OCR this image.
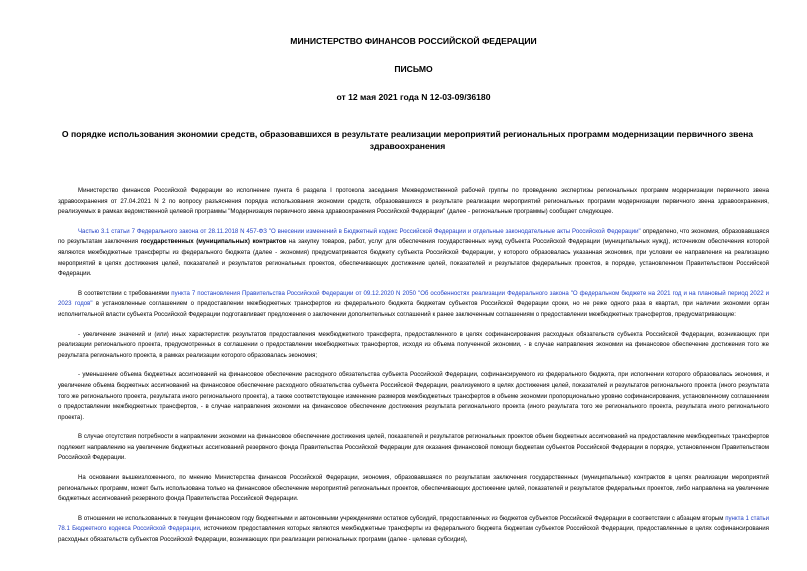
МИНИСТЕРСТВО ФИНАНСОВ РОССИЙСКОЙ ФЕДЕРАЦИИ
ПИСЬМО
от 12 мая 2021 года N 12-03-09/36180
О порядке использования экономии средств, образовавшихся в результате реализации мероприятий региональных программ модернизации первичного звена здравоохранения

Министерство финансов Российской Федерации во исполнение пункта 6 раздела I протокола заседания Межведомственной рабочей группы по проведению экспертизы региональных программ модернизации первичного звена здравоохранения от 27.04.2021 N 2 по вопросу разъяснения порядка использования экономии средств, образовавшихся в результате реализации мероприятий региональных программ модернизации первичного звена здравоохранения, реализуемых в рамках ведомственной целевой программы "Модернизация первичного звена здравоохранения Российской Федерации" (далее - региональные программы) сообщает следующее.

Частью 3.1 статьи 7 Федерального закона от 28.11.2018 N 457-ФЗ "О внесении изменений в Бюджетный кодекс Российской Федерации и отдельные законодательные акты Российской Федерации" определено, что экономия, образовавшаяся по результатам заключения государственных (муниципальных) контрактов на закупку товаров, работ, услуг для обеспечения государственных нужд субъекта Российской Федерации (муниципальных нужд), источником обеспечения которой являются межбюджетные трансферты из федерального бюджета (далее - экономия) предусматривается бюджету субъекта Российской Федерации, у которого образовалась указанная экономия, при условии ее направления на реализацию мероприятий в целях достижения целей, показателей и результатов региональных проектов, обеспечивающих достижение целей, показателей и результатов федеральных проектов, в порядке, установленном Правительством Российской Федерации.

В соответствии с требованиями пункта 7 постановления Правительства Российской Федерации от 09.12.2020 N 2050 "Об особенностях реализации Федерального закона "О федеральном бюджете на 2021 год и на плановый период 2022 и 2023 годов" в установленные соглашением о предоставлении межбюджетных трансфертов из федерального бюджета бюджетам субъектов Российской Федерации сроки, но не реже одного раза в квартал, при наличии экономии орган исполнительной власти субъекта Российской Федерации подготавливает предложения о заключении дополнительных соглашений к ранее заключенным соглашениям о предоставлении межбюджетных трансфертов, предусматривающие:

- увеличение значений и (или) иных характеристик результатов предоставления межбюджетного трансферта, предоставленного в целях софинансирования расходных обязательств субъекта Российской Федерации, возникающих при реализации регионального проекта, предусмотренных в соглашении о предоставлении межбюджетных трансфертов, исходя из объема полученной экономии, - в случае направления экономии на финансовое обеспечение достижения того же результата регионального проекта, в рамках реализации которого образовалась экономия;

- уменьшение объема бюджетных ассигнований на финансовое обеспечение расходного обязательства субъекта Российской Федерации, софинансируемого из федерального бюджета, при исполнении которого образовалась экономия, и увеличение объема бюджетных ассигнований на финансовое обеспечение расходного обязательства субъекта Российской Федерации, реализуемого в целях достижения целей, показателей и результатов регионального проекта (иного результата того же регионального проекта, результата иного регионального проекта), а также соответствующее изменение размеров межбюджетных трансфертов в объеме экономии пропорционально уровню софинансирования, установленному соглашением о предоставлении межбюджетных трансфертов, - в случае направления экономии на финансовое обеспечение достижения результата регионального проекта (иного результата того же регионального проекта, результата иного регионального проекта).

В случае отсутствия потребности в направлении экономии на финансовое обеспечение достижения целей, показателей и результатов региональных проектов объем бюджетных ассигнований на предоставление межбюджетных трансфертов подлежит направлению на увеличение бюджетных ассигнований резервного фонда Правительства Российской Федерации для оказания финансовой помощи бюджетам субъектов Российской Федерации в порядке, установленном Правительством Российской Федерации.

На основании вышеизложенного, по мнению Министерства финансов Российской Федерации, экономия, образовавшаяся по результатам заключения государственных (муниципальных) контрактов в целях реализации мероприятий региональных программ, может быть использована только на финансовое обеспечение мероприятий региональных проектов, обеспечивающих достижение целей, показателей и результатов федеральных проектов, либо направлена на увеличение бюджетных ассигнований резервного фонда Правительства Российской Федерации.

В отношении не использованных в текущем финансовом году бюджетными и автономными учреждениями остатков субсидий, предоставленных из бюджетов субъектов Российской Федерации в соответствии с абзацем вторым пункта 1 статьи 78.1 Бюджетного кодекса Российской Федерации, источником предоставления которых являются межбюджетные трансферты из федерального бюджета бюджетам субъектов Российской Федерации, предоставленные в целях софинансирования расходных обязательств субъектов Российской Федерации, возникающих при реализации региональных программ (далее - целевая субсидия),
